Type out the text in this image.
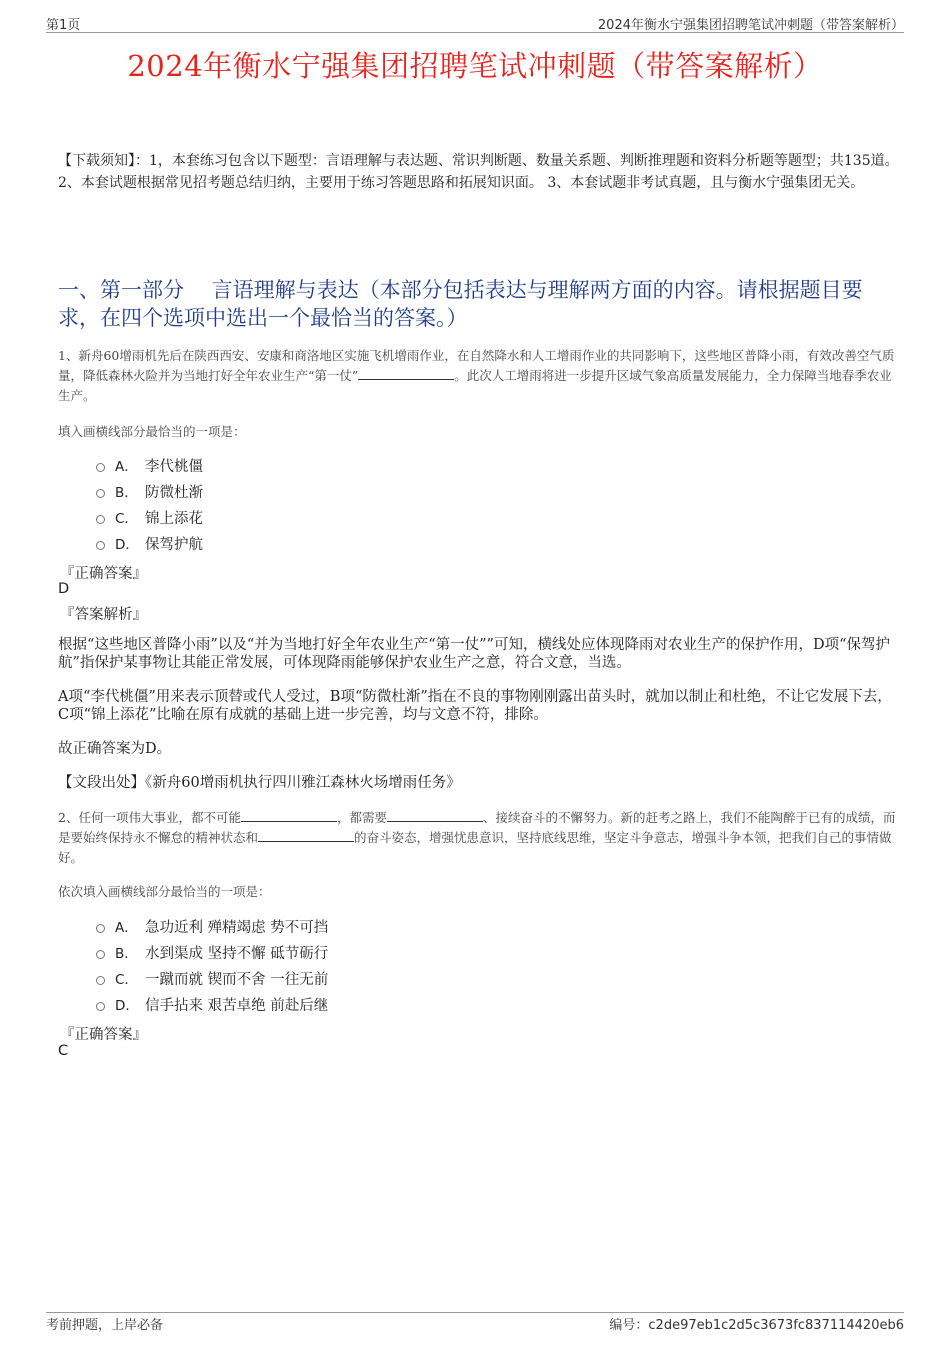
第1页	2024年衡水宁强集团招聘笔试冲刺题（带答案解析）
2024年衡水宁强集团招聘笔试冲刺题（带答案解析）
【下载须知】：1，本套练习包含以下题型：言语理解与表达题、常识判断题、数量关系题、判断推理题和资料分析题等题型；共135道。 2、本套试题根据常见招考题总结归纳，主要用于练习答题思路和拓展知识面。 3、本套试题非考试真题，且与衡水宁强集团无关。
一、第一部分　 言语理解与表达（本部分包括表达与理解两方面的内容。请根据题目要求，在四个选项中选出一个最恰当的答案。）
1、新舟60增雨机先后在陕西西安、安康和商洛地区实施飞机增雨作业，在自然降水和人工增雨作业的共同影响下，这些地区普降小雨，有效改善空气质量，降低森林火险并为当地打好全年农业生产“第一仗”	。此次人工增雨将进一步提升区域气象高质量发展能力，全力保障当地春季农业生产。
填入画横线部分最恰当的一项是：
A． 李代桃僵
B． 防微杜渐
C． 锦上添花
D． 保驾护航
『正确答案』
D
『答案解析』
根据“这些地区普降小雨”以及“并为当地打好全年农业生产“第一仗””可知，横线处应体现降雨对农业生产的保护作用，D项“保驾护航”指保护某事物让其能正常发展，可体现降雨能够保护农业生产之意，符合文意，当选。
A项“李代桃僵”用来表示顶替或代人受过，B项“防微杜渐”指在不良的事物刚刚露出苗头时，就加以制止和杜绝，不让它发展下去，C项“锦上添花”比喻在原有成就的基础上进一步完善，均与文意不符，排除。
故正确答案为D。
【文段出处】《新舟60增雨机执行四川雅江森林火场增雨任务》
2、任何一项伟大事业，都不可能	，都需要	、接续奋斗的不懈努力。新的赶考之路上，我们不能陶醉于已有的成绩，而是要始终保持永不懈怠的精神状态和	的奋斗姿态，增强忧患意识，坚持底线思维，坚定斗争意志，增强斗争本领，把我们自己的事情做好。
依次填入画横线部分最恰当的一项是：
A． 急功近利 殚精竭虑 势不可挡
B． 水到渠成 坚持不懈 砥节砺行
C． 一蹴而就 锲而不舍 一往无前
D． 信手拈来 艰苦卓绝 前赴后继
『正确答案』
C
考前押题，上岸必备	编号：c2de97eb1c2d5c3673fc837114420eb6
